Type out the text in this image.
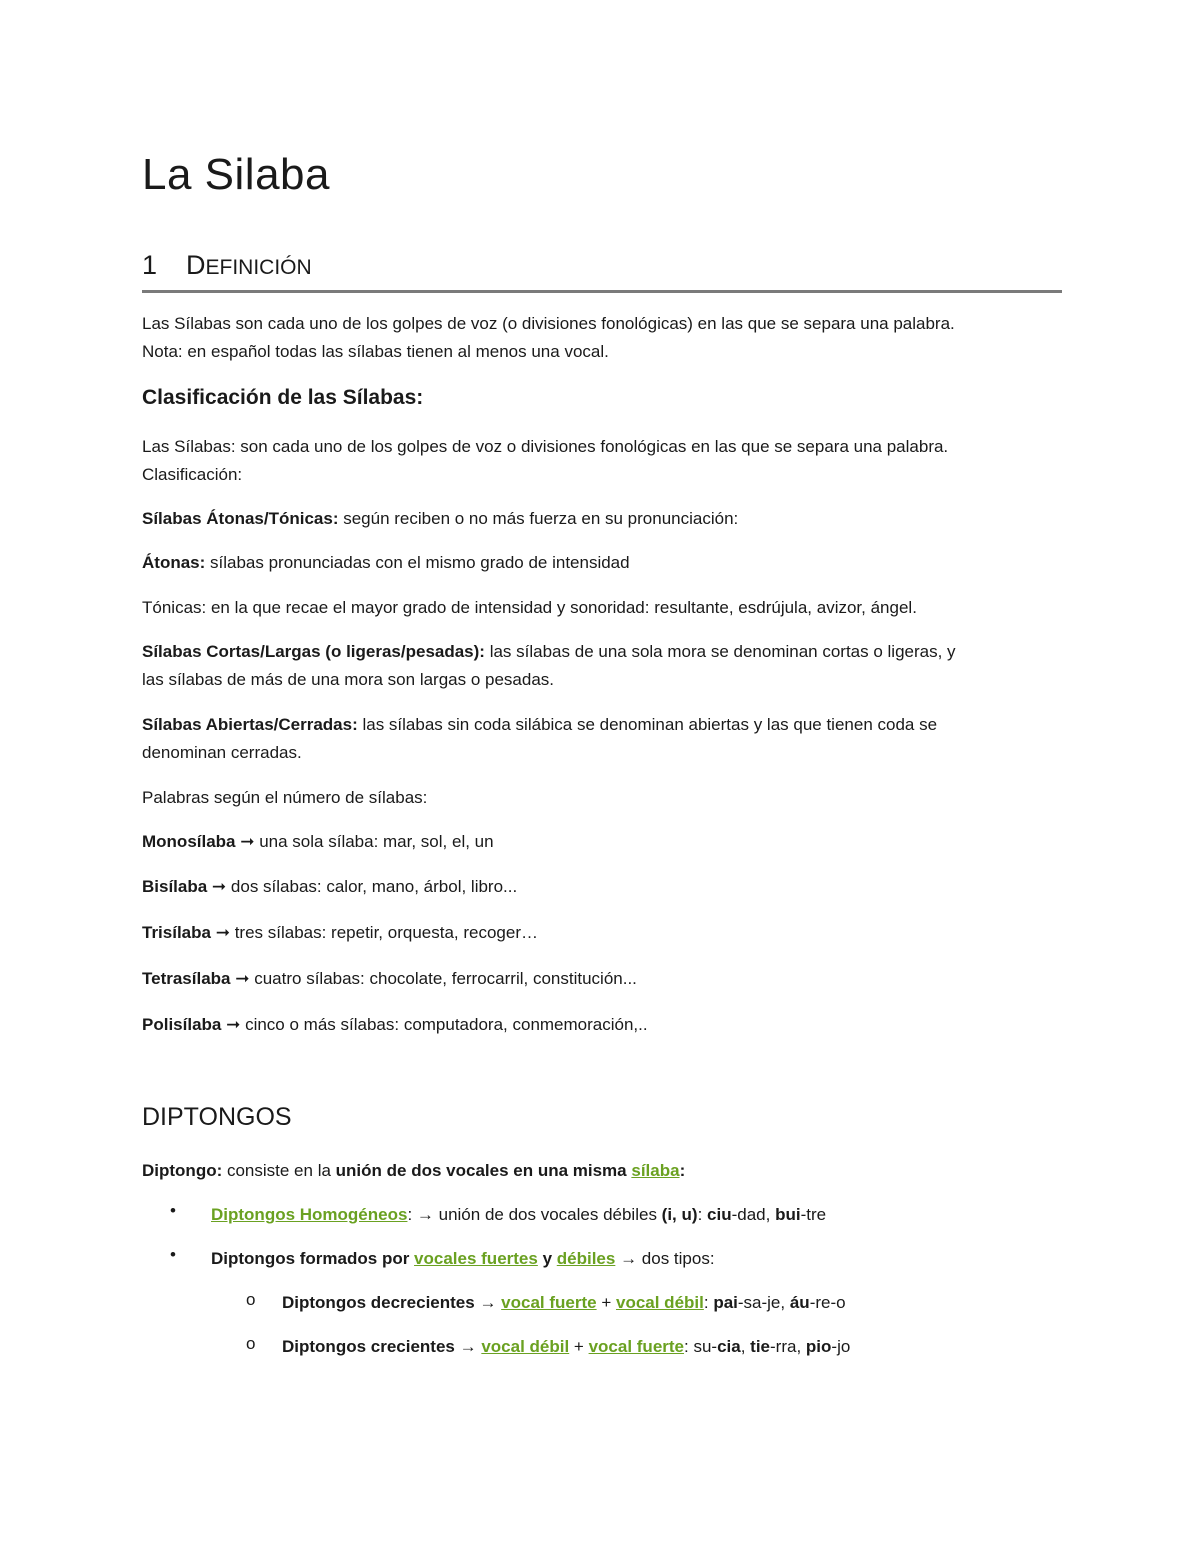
La Silaba
1 DEFINICIÓN
Las Sílabas son cada uno de los golpes de voz (o divisiones fonológicas) en las que se separa una palabra.
Nota: en español todas las sílabas tienen al menos una vocal.
Clasificación de las Sílabas:
Las Sílabas: son cada uno de los golpes de voz o divisiones fonológicas en las que se separa una palabra.
Clasificación:
Sílabas Átonas/Tónicas: según reciben o no más fuerza en su pronunciación:
Átonas: sílabas pronunciadas con el mismo grado de intensidad
Tónicas: en la que recae el mayor grado de intensidad y sonoridad: resultante, esdrújula, avizor, ángel.
Sílabas Cortas/Largas (o ligeras/pesadas): las sílabas de una sola mora se denominan cortas o ligeras, y
las sílabas de más de una mora son largas o pesadas.
Sílabas Abiertas/Cerradas: las sílabas sin coda silábica se denominan abiertas y las que tienen coda se
denominan cerradas.
Palabras según el número de sílabas:
Monosílaba ➞ una sola sílaba: mar, sol, el, un
Bisílaba ➞ dos sílabas: calor, mano, árbol, libro...
Trisílaba ➞ tres sílabas: repetir, orquesta, recoger…
Tetrasílaba ➞ cuatro sílabas: chocolate, ferrocarril, constitución...
Polisílaba ➞ cinco o más sílabas: computadora, conmemoración,..
DIPTONGOS
Diptongo: consiste en la unión de dos vocales en una misma sílaba:
• Diptongos Homogéneos: → unión de dos vocales débiles (i, u): ciu-dad, bui-tre
• Diptongos formados por vocales fuertes y débiles → dos tipos:
o Diptongos decrecientes → vocal fuerte + vocal débil: pai-sa-je, áu-re-o
o Diptongos crecientes → vocal débil + vocal fuerte: su-cia, tie-rra, pio-jo
